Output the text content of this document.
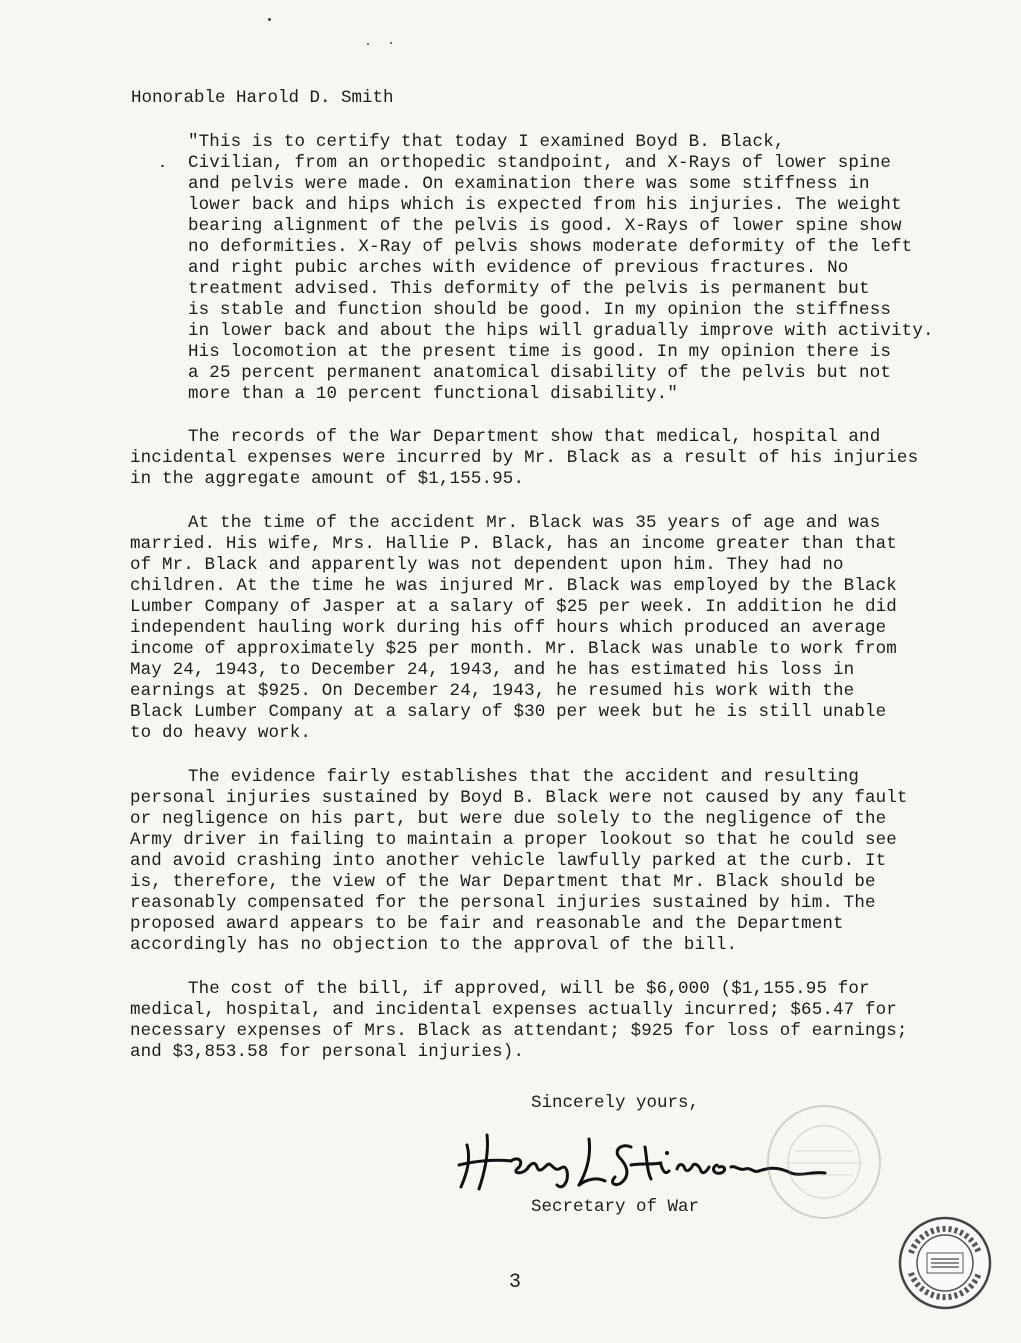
Honorable Harold D. Smith
"This is to certify that today I examined Boyd B. Black,
Civilian, from an orthopedic standpoint, and X-Rays of lower spine
and pelvis were made. On examination there was some stiffness in
lower back and hips which is expected from his injuries. The weight
bearing alignment of the pelvis is good. X-Rays of lower spine show
no deformities. X-Ray of pelvis shows moderate deformity of the left
and right pubic arches with evidence of previous fractures. No
treatment advised. This deformity of the pelvis is permanent but
is stable and function should be good. In my opinion the stiffness
in lower back and about the hips will gradually improve with activity.
His locomotion at the present time is good. In my opinion there is
a 25 percent permanent anatomical disability of the pelvis but not
more than a 10 percent functional disability."
The records of the War Department show that medical, hospital and
incidental expenses were incurred by Mr. Black as a result of his injuries
in the aggregate amount of $1,155.95.
At the time of the accident Mr. Black was 35 years of age and was
married. His wife, Mrs. Hallie P. Black, has an income greater than that
of Mr. Black and apparently was not dependent upon him. They had no
children. At the time he was injured Mr. Black was employed by the Black
Lumber Company of Jasper at a salary of $25 per week. In addition he did
independent hauling work during his off hours which produced an average
income of approximately $25 per month. Mr. Black was unable to work from
May 24, 1943, to December 24, 1943, and he has estimated his loss in
earnings at $925. On December 24, 1943, he resumed his work with the
Black Lumber Company at a salary of $30 per week but he is still unable
to do heavy work.
The evidence fairly establishes that the accident and resulting
personal injuries sustained by Boyd B. Black were not caused by any fault
or negligence on his part, but were due solely to the negligence of the
Army driver in failing to maintain a proper lookout so that he could see
and avoid crashing into another vehicle lawfully parked at the curb. It
is, therefore, the view of the War Department that Mr. Black should be
reasonably compensated for the personal injuries sustained by him. The
proposed award appears to be fair and reasonable and the Department
accordingly has no objection to the approval of the bill.
The cost of the bill, if approved, will be $6,000 ($1,155.95 for
medical, hospital, and incidental expenses actually incurred; $65.47 for
necessary expenses of Mrs. Black as attendant; $925 for loss of earnings;
and $3,853.58 for personal injuries).
Sincerely yours,
Secretary of War
3
